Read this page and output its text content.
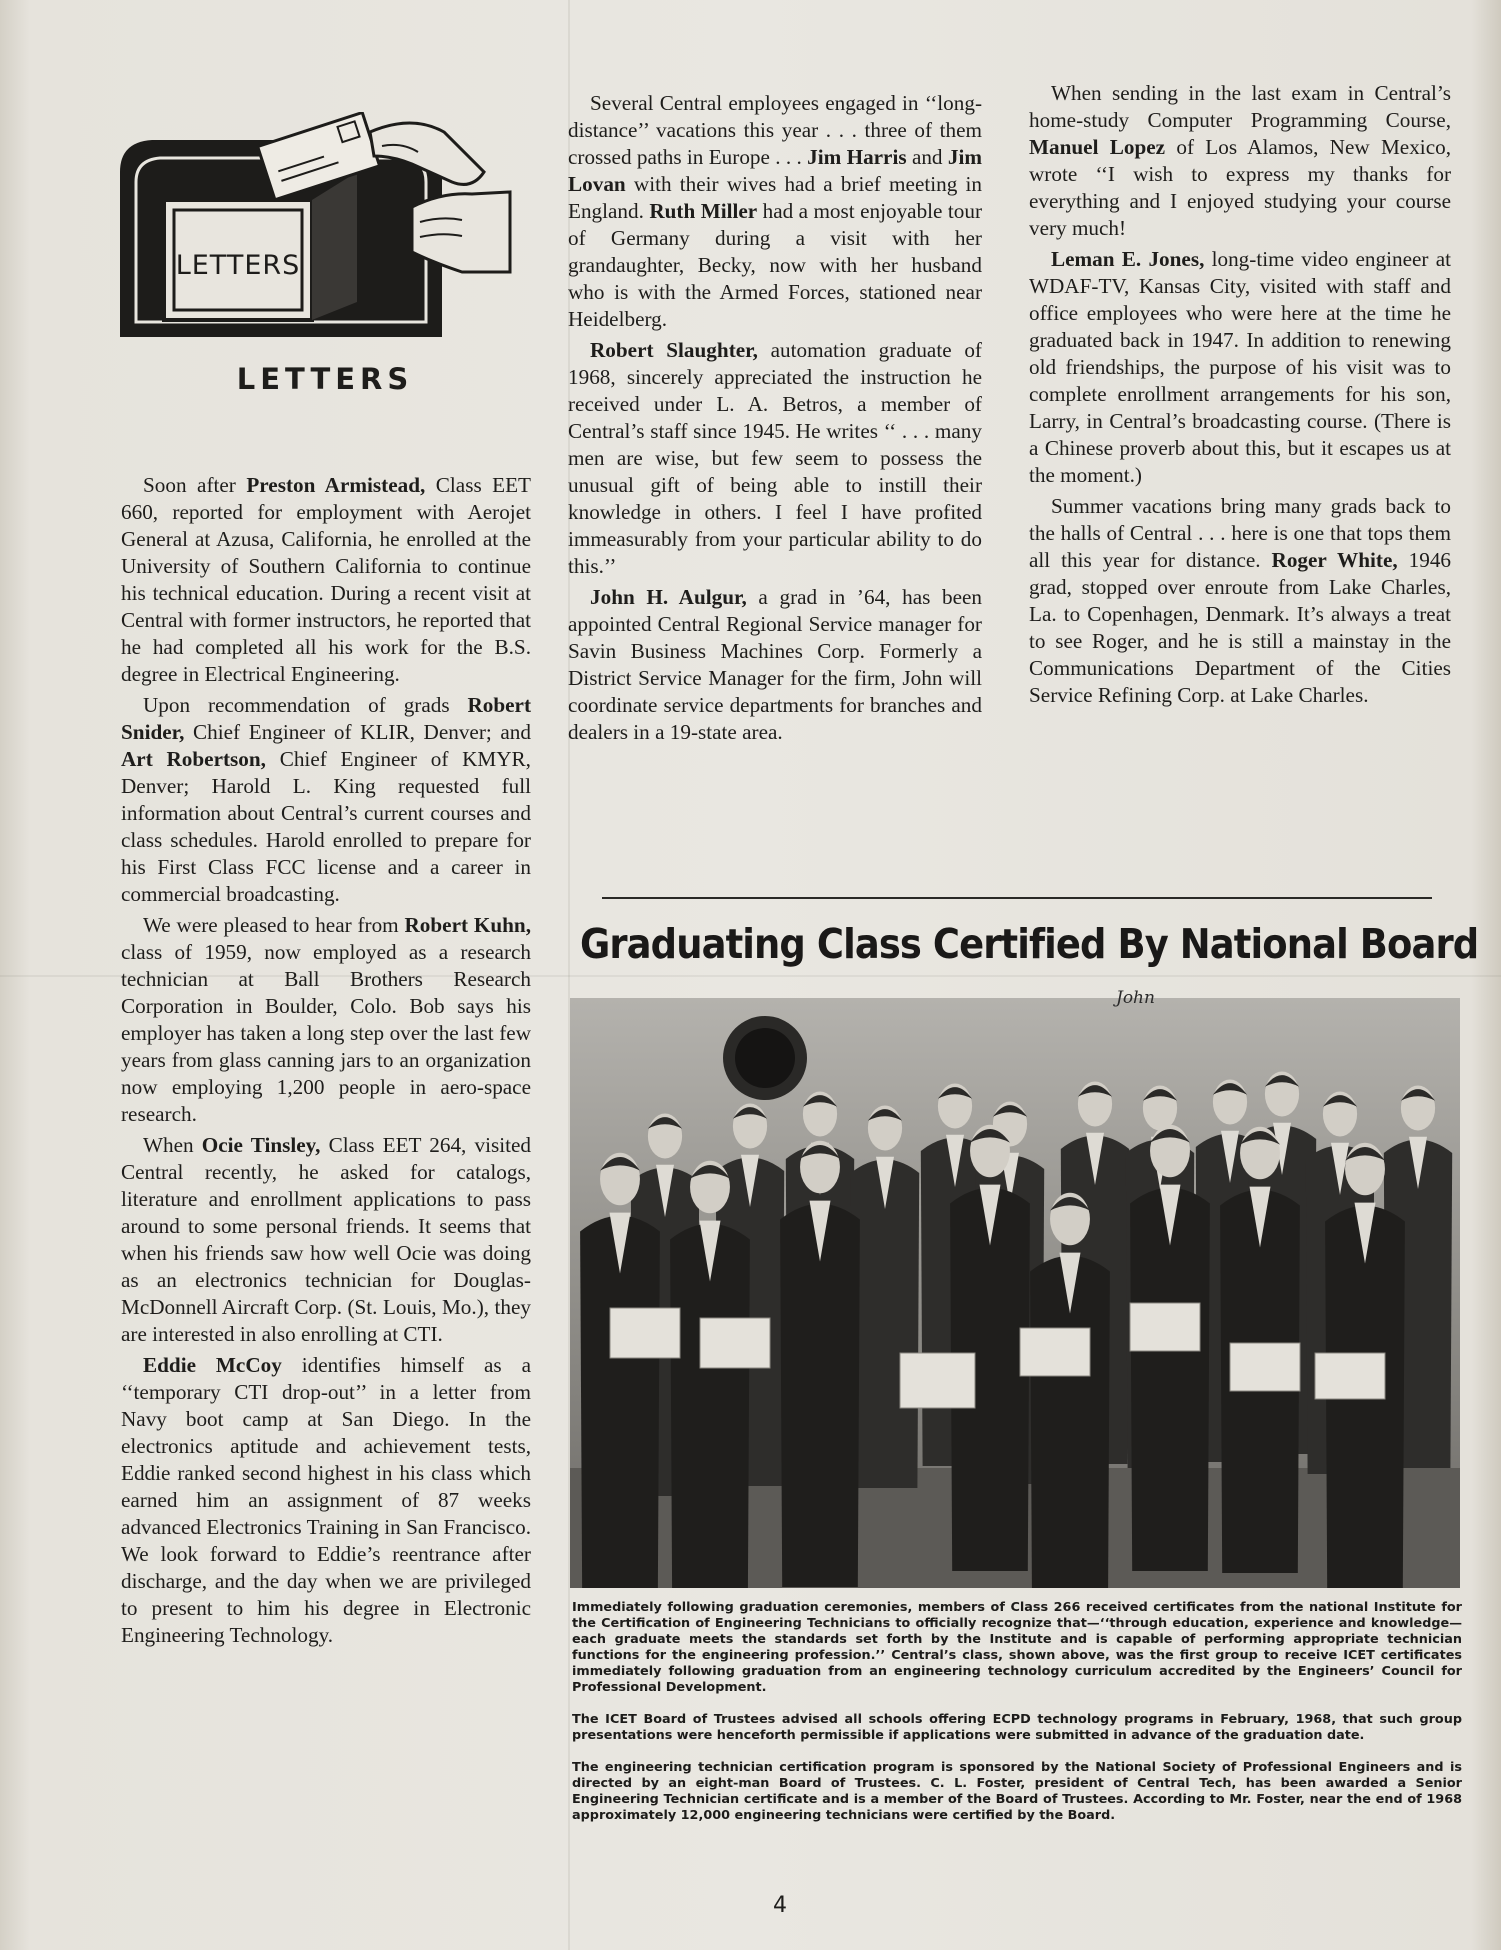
LETTERS
LETTERS

Soon after Preston Armistead, Class EET 660, reported for employment with Aerojet General at Azusa, California, he enrolled at the University of Southern California to continue his technical education. During a recent visit at Central with former instructors, he reported that he had completed all his work for the B.S. degree in Electrical Engineering.

Upon recommendation of grads Robert Snider, Chief Engineer of KLIR, Denver; and Art Robertson, Chief Engineer of KMYR, Denver; Harold L. King requested full information about Central’s current courses and class schedules. Harold enrolled to prepare for his First Class FCC license and a career in commercial broadcasting.

We were pleased to hear from Robert Kuhn, class of 1959, now employed as a research technician at Ball Brothers Research Corporation in Boulder, Colo. Bob says his employer has taken a long step over the last few years from glass canning jars to an organization now employing 1,200 people in aero-space research.

When Ocie Tinsley, Class EET 264, visited Central recently, he asked for catalogs, literature and enrollment applications to pass around to some personal friends. It seems that when his friends saw how well Ocie was doing as an electronics technician for Douglas-McDonnell Aircraft Corp. (St. Louis, Mo.), they are interested in also enrolling at CTI.

Eddie McCoy identifies himself as a ‘‘temporary CTI drop-out’’ in a letter from Navy boot camp at San Diego. In the electronics aptitude and achievement tests, Eddie ranked second highest in his class which earned him an assignment of 87 weeks advanced Electronics Training in San Francisco. We look forward to Eddie’s reentrance after discharge, and the day when we are privileged to present to him his degree in Electronic Engineering Technology.

Several Central employees engaged in ‘‘long-distance’’ vacations this year . . . three of them crossed paths in Europe . . . Jim Harris and Jim Lovan with their wives had a brief meeting in England. Ruth Miller had a most enjoyable tour of Germany during a visit with her grandaughter, Becky, now with her husband who is with the Armed Forces, stationed near Heidelberg.

Robert Slaughter, automation graduate of 1968, sincerely appreciated the instruction he received under L. A. Betros, a member of Central’s staff since 1945. He writes ‘‘ . . . many men are wise, but few seem to possess the unusual gift of being able to instill their knowledge in others. I feel I have profited immeasurably from your particular ability to do this.’’

John H. Aulgur, a grad in ’64, has been appointed Central Regional Service manager for Savin Business Machines Corp. Formerly a District Service Manager for the firm, John will coordinate service departments for branches and dealers in a 19-state area.

When sending in the last exam in Central’s home-study Computer Programming Course, Manuel Lopez of Los Alamos, New Mexico, wrote ‘‘I wish to express my thanks for everything and I enjoyed studying your course very much!

Leman E. Jones, long-time video engineer at WDAF-TV, Kansas City, visited with staff and office employees who were here at the time he graduated back in 1947. In addition to renewing old friendships, the purpose of his visit was to complete enrollment arrangements for his son, Larry, in Central’s broadcasting course. (There is a Chinese proverb about this, but it escapes us at the moment.)

Summer vacations bring many grads back to the halls of Central . . . here is one that tops them all this year for distance. Roger White, 1946 grad, stopped over enroute from Lake Charles, La. to Copenhagen, Denmark. It’s always a treat to see Roger, and he is still a mainstay in the Communications Department of the Cities Service Refining Corp. at Lake Charles.

Graduating Class Certified By National Board
John

Immediately following graduation ceremonies, members of Class 266 received certificates from the national Institute for the Certification of Engineering Technicians to officially recognize that—‘‘through education, experience and knowledge—each graduate meets the standards set forth by the Institute and is capable of performing appropriate technician functions for the engineering profession.’’ Central’s class, shown above, was the first group to receive ICET certificates immediately following graduation from an engineering technology curriculum accredited by the Engineers’ Council for Professional Development.

The ICET Board of Trustees advised all schools offering ECPD technology programs in February, 1968, that such group presentations were henceforth permissible if applications were submitted in advance of the graduation date.

The engineering technician certification program is sponsored by the National Society of Professional Engineers and is directed by an eight-man Board of Trustees. C. L. Foster, president of Central Tech, has been awarded a Senior Engineering Technician certificate and is a member of the Board of Trustees. According to Mr. Foster, near the end of 1968 approximately 12,000 engineering technicians were certified by the Board.

4
